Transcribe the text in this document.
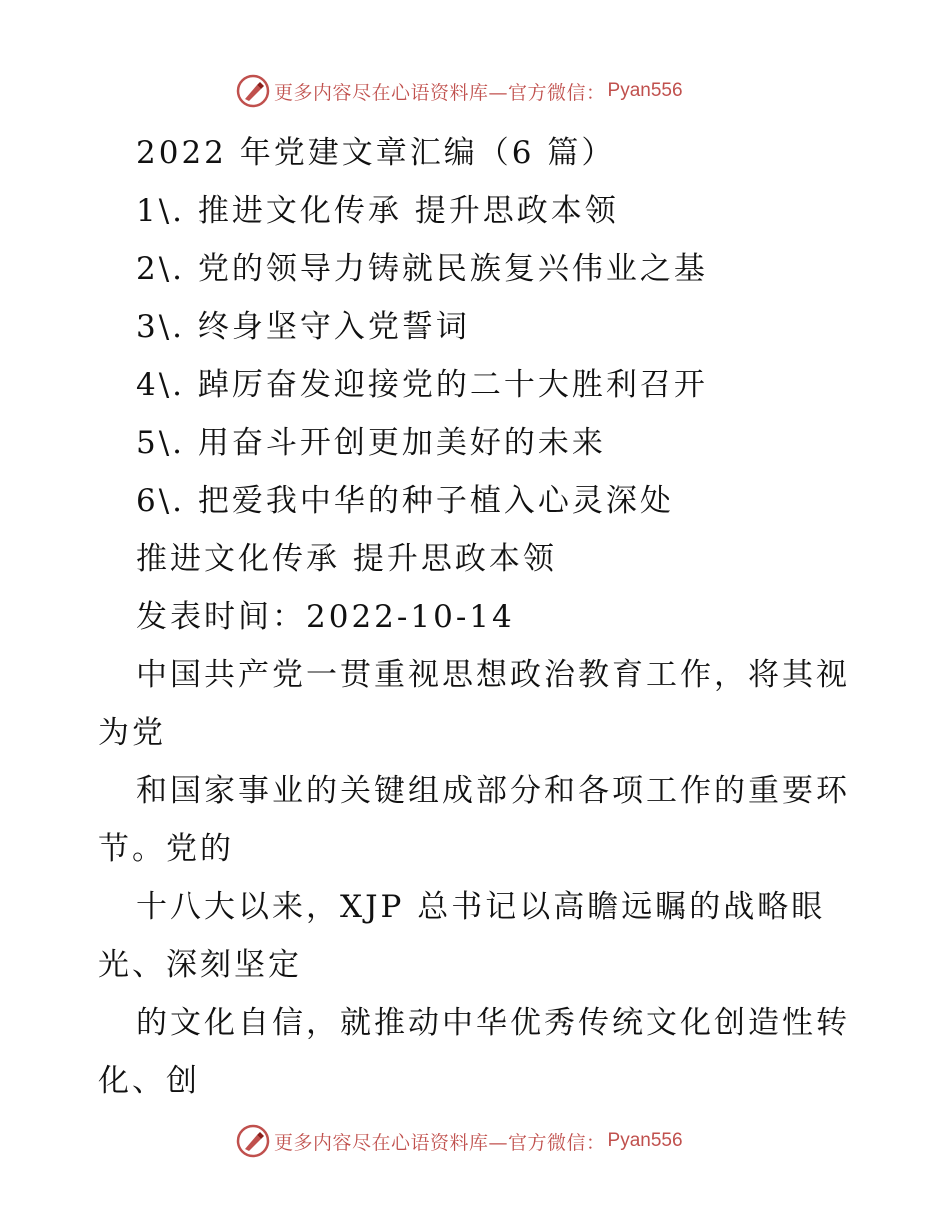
更多内容尽在心语资料库—官方微信： Pyan556
2022 年党建文章汇编（6 篇）
1\. 推进文化传承 提升思政本领
2\. 党的领导力铸就民族复兴伟业之基
3\. 终身坚守入党誓词
4\. 踔厉奋发迎接党的二十大胜利召开
5\. 用奋斗开创更加美好的未来
6\. 把爱我中华的种子植入心灵深处
推进文化传承 提升思政本领
发表时间：2022-10-14

中国共产党一贯重视思想政治教育工作，将其视
为党

和国家事业的关键组成部分和各项工作的重要环
节。党的

十八大以来，XJP 总书记以高瞻远瞩的战略眼
光、深刻坚定

的文化自信，就推动中华优秀传统文化创造性转
化、创

更多内容尽在心语资料库—官方微信： Pyan556
